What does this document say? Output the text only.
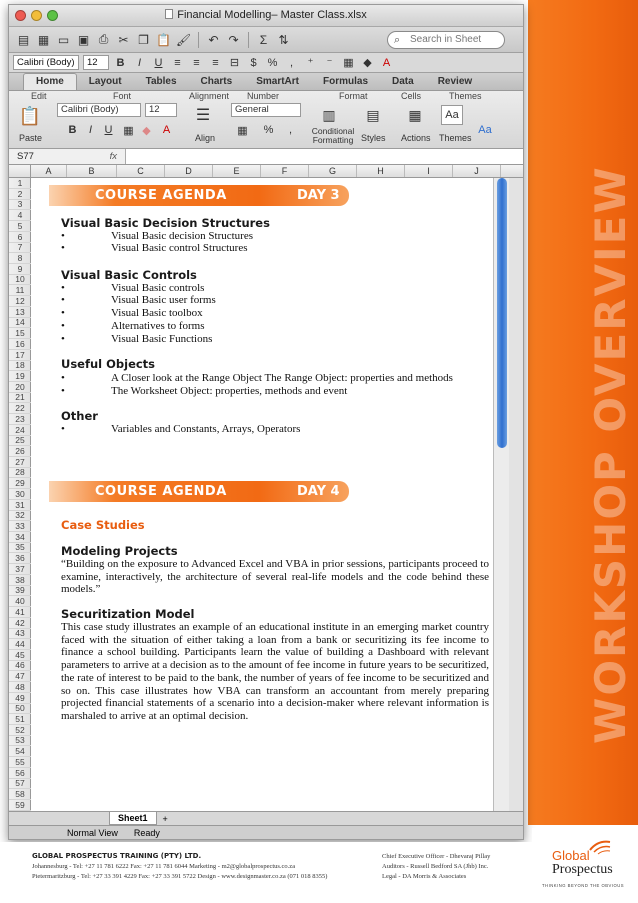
WORKSHOP OVERVIEW
Financial Modelling– Master Class.xlsx
▤ ▦ ▭ ▣ ⎙ ✂ ❐ 📋 🖌 ↶ ↷	Σ ⇅	⌕ Search in Sheet
Calibri (Body)	12	B	I	U	≡	≡	≡	⊟	$	%	,	⁺	⁻ ▦ ◆	A
Home	Layout	Tables	Charts	SmartArt	Formulas	Data	Review
Edit	Font	Alignment Number	Format	Cells	Themes
📋
Paste
Calibri (Body)	12
B	I	U ▦ ◆	A
☰
Align
General
▦ %	,
▥
Conditional Formatting
▤
Styles
▦
Actions
Aa
Themes
Aa
S77	fx
A	B	C	D	E	F	G	H	I	J
1
2
3
4
5
6
7
8
9
10
11
12
13
14
15
16
17
18
19
20
21
22
23
24
25
26
27
28
29
30
31
32
33
34
35
36
37
38
39
40
41
42
43
44
45
46
47
48
49
50
51
52
53
54
55
56
57
58
59
COURSE AGENDA	DAY 3
Visual Basic Decision Structures
•	Visual Basic decision Structures
•	Visual Basic control Structures
Visual Basic Controls
•	Visual Basic controls
•	Visual Basic user forms
•	Visual Basic toolbox
•	Alternatives to forms
•	Visual Basic Functions
Useful Objects
•	A Closer look at the Range Object The Range Object: properties and methods
•	The Worksheet Object: properties, methods and event
Other
•	Variables and Constants, Arrays, Operators
COURSE AGENDA	DAY 4
Case Studies
Modeling Projects
“Building on the exposure to Advanced Excel and VBA in prior sessions, participants proceed to examine, interactively, the architecture of several real-life models and the code behind these models.”
Securitization Model
This case study illustrates an example of an educational institute in an emerging market country faced with the situation of either taking a loan from a bank or securitizing its fee income to finance a school building. Participants learn the value of building a Dashboard with relevant parameters to arrive at a decision as to the amount of fee income in future years to be securitized, the rate of interest to be paid to the bank, the number of years of fee income to be securitized and so on. This case illustrates how VBA can transform an accountant from merely preparing projected financial statements of a scenario into a decision-maker where relevant information is marshaled to arrive at an optimal decision.
Sheet1	+
Normal View Ready
GLOBAL PROSPECTUS TRAINING (PTY) LTD.
Johannesburg - Tel: +27 11 781 6222 Fax: +27 11 781 6044 Marketing - m2@globalprospectus.co.za
Pietermaritzburg - Tel: +27 33 391 4229 Fax: +27 33 391 5722 Design - www.designmaster.co.za (071 018 8355)
Chief Executive Officer - Dhevaraj Pillay
Auditors - Russell Bedford SA (Jhb) Inc.
Legal - DA Morris & Associates
Global
Prospectus
THINKING BEYOND THE OBVIOUS
